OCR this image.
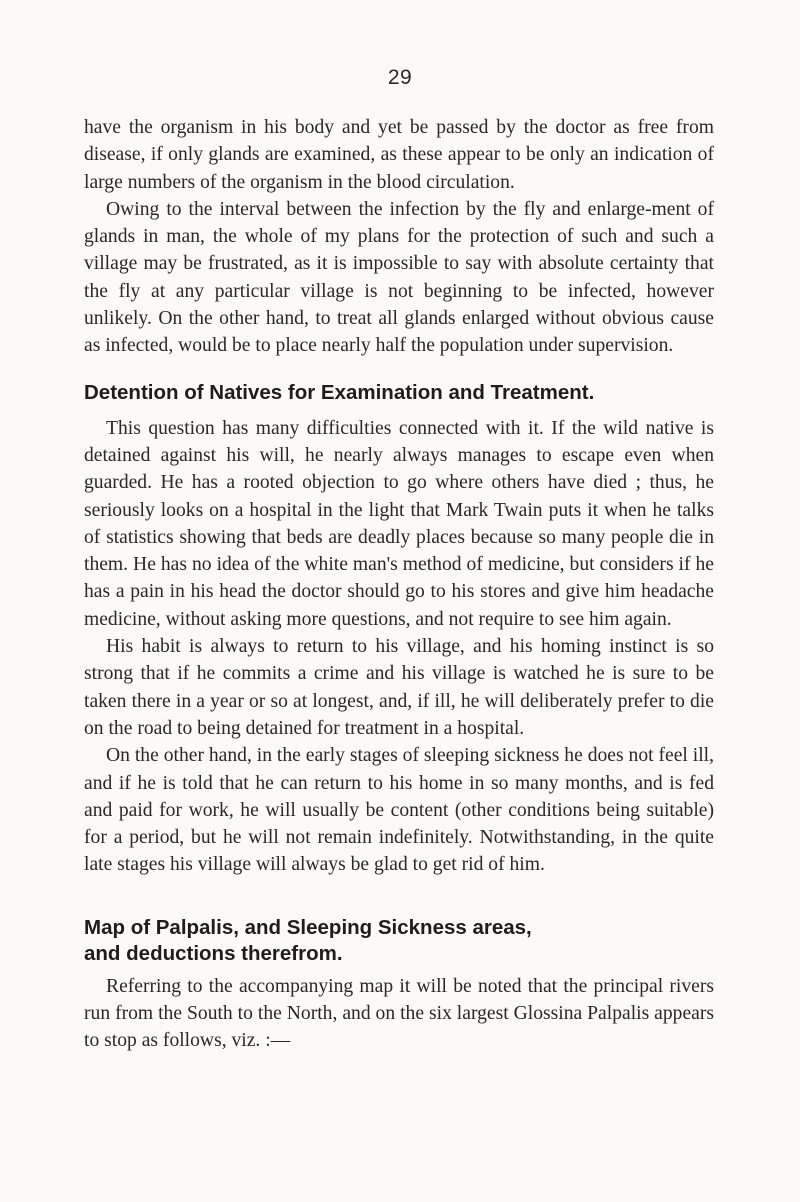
29

have the organism in his body and yet be passed by the doctor as free from disease, if only glands are examined, as these appear to be only an indication of large numbers of the organism in the blood circulation.

Owing to the interval between the infection by the fly and enlarge-ment of glands in man, the whole of my plans for the protection of such and such a village may be frustrated, as it is impossible to say with absolute certainty that the fly at any particular village is not beginning to be infected, however unlikely. On the other hand, to treat all glands enlarged without obvious cause as infected, would be to place nearly half the population under supervision.

Detention of Natives for Examination and Treatment.

This question has many difficulties connected with it. If the wild native is detained against his will, he nearly always manages to escape even when guarded. He has a rooted objection to go where others have died ; thus, he seriously looks on a hospital in the light that Mark Twain puts it when he talks of statistics showing that beds are deadly places because so many people die in them. He has no idea of the white man's method of medicine, but considers if he has a pain in his head the doctor should go to his stores and give him headache medicine, without asking more questions, and not require to see him again.

His habit is always to return to his village, and his homing instinct is so strong that if he commits a crime and his village is watched he is sure to be taken there in a year or so at longest, and, if ill, he will deliberately prefer to die on the road to being detained for treatment in a hospital.

On the other hand, in the early stages of sleeping sickness he does not feel ill, and if he is told that he can return to his home in so many months, and is fed and paid for work, he will usually be content (other conditions being suitable) for a period, but he will not remain indefinitely. Notwithstanding, in the quite late stages his village will always be glad to get rid of him.

Map of Palpalis, and Sleeping Sickness areas,
and deductions therefrom.

Referring to the accompanying map it will be noted that the principal rivers run from the South to the North, and on the six largest Glossina Palpalis appears to stop as follows, viz. :—
